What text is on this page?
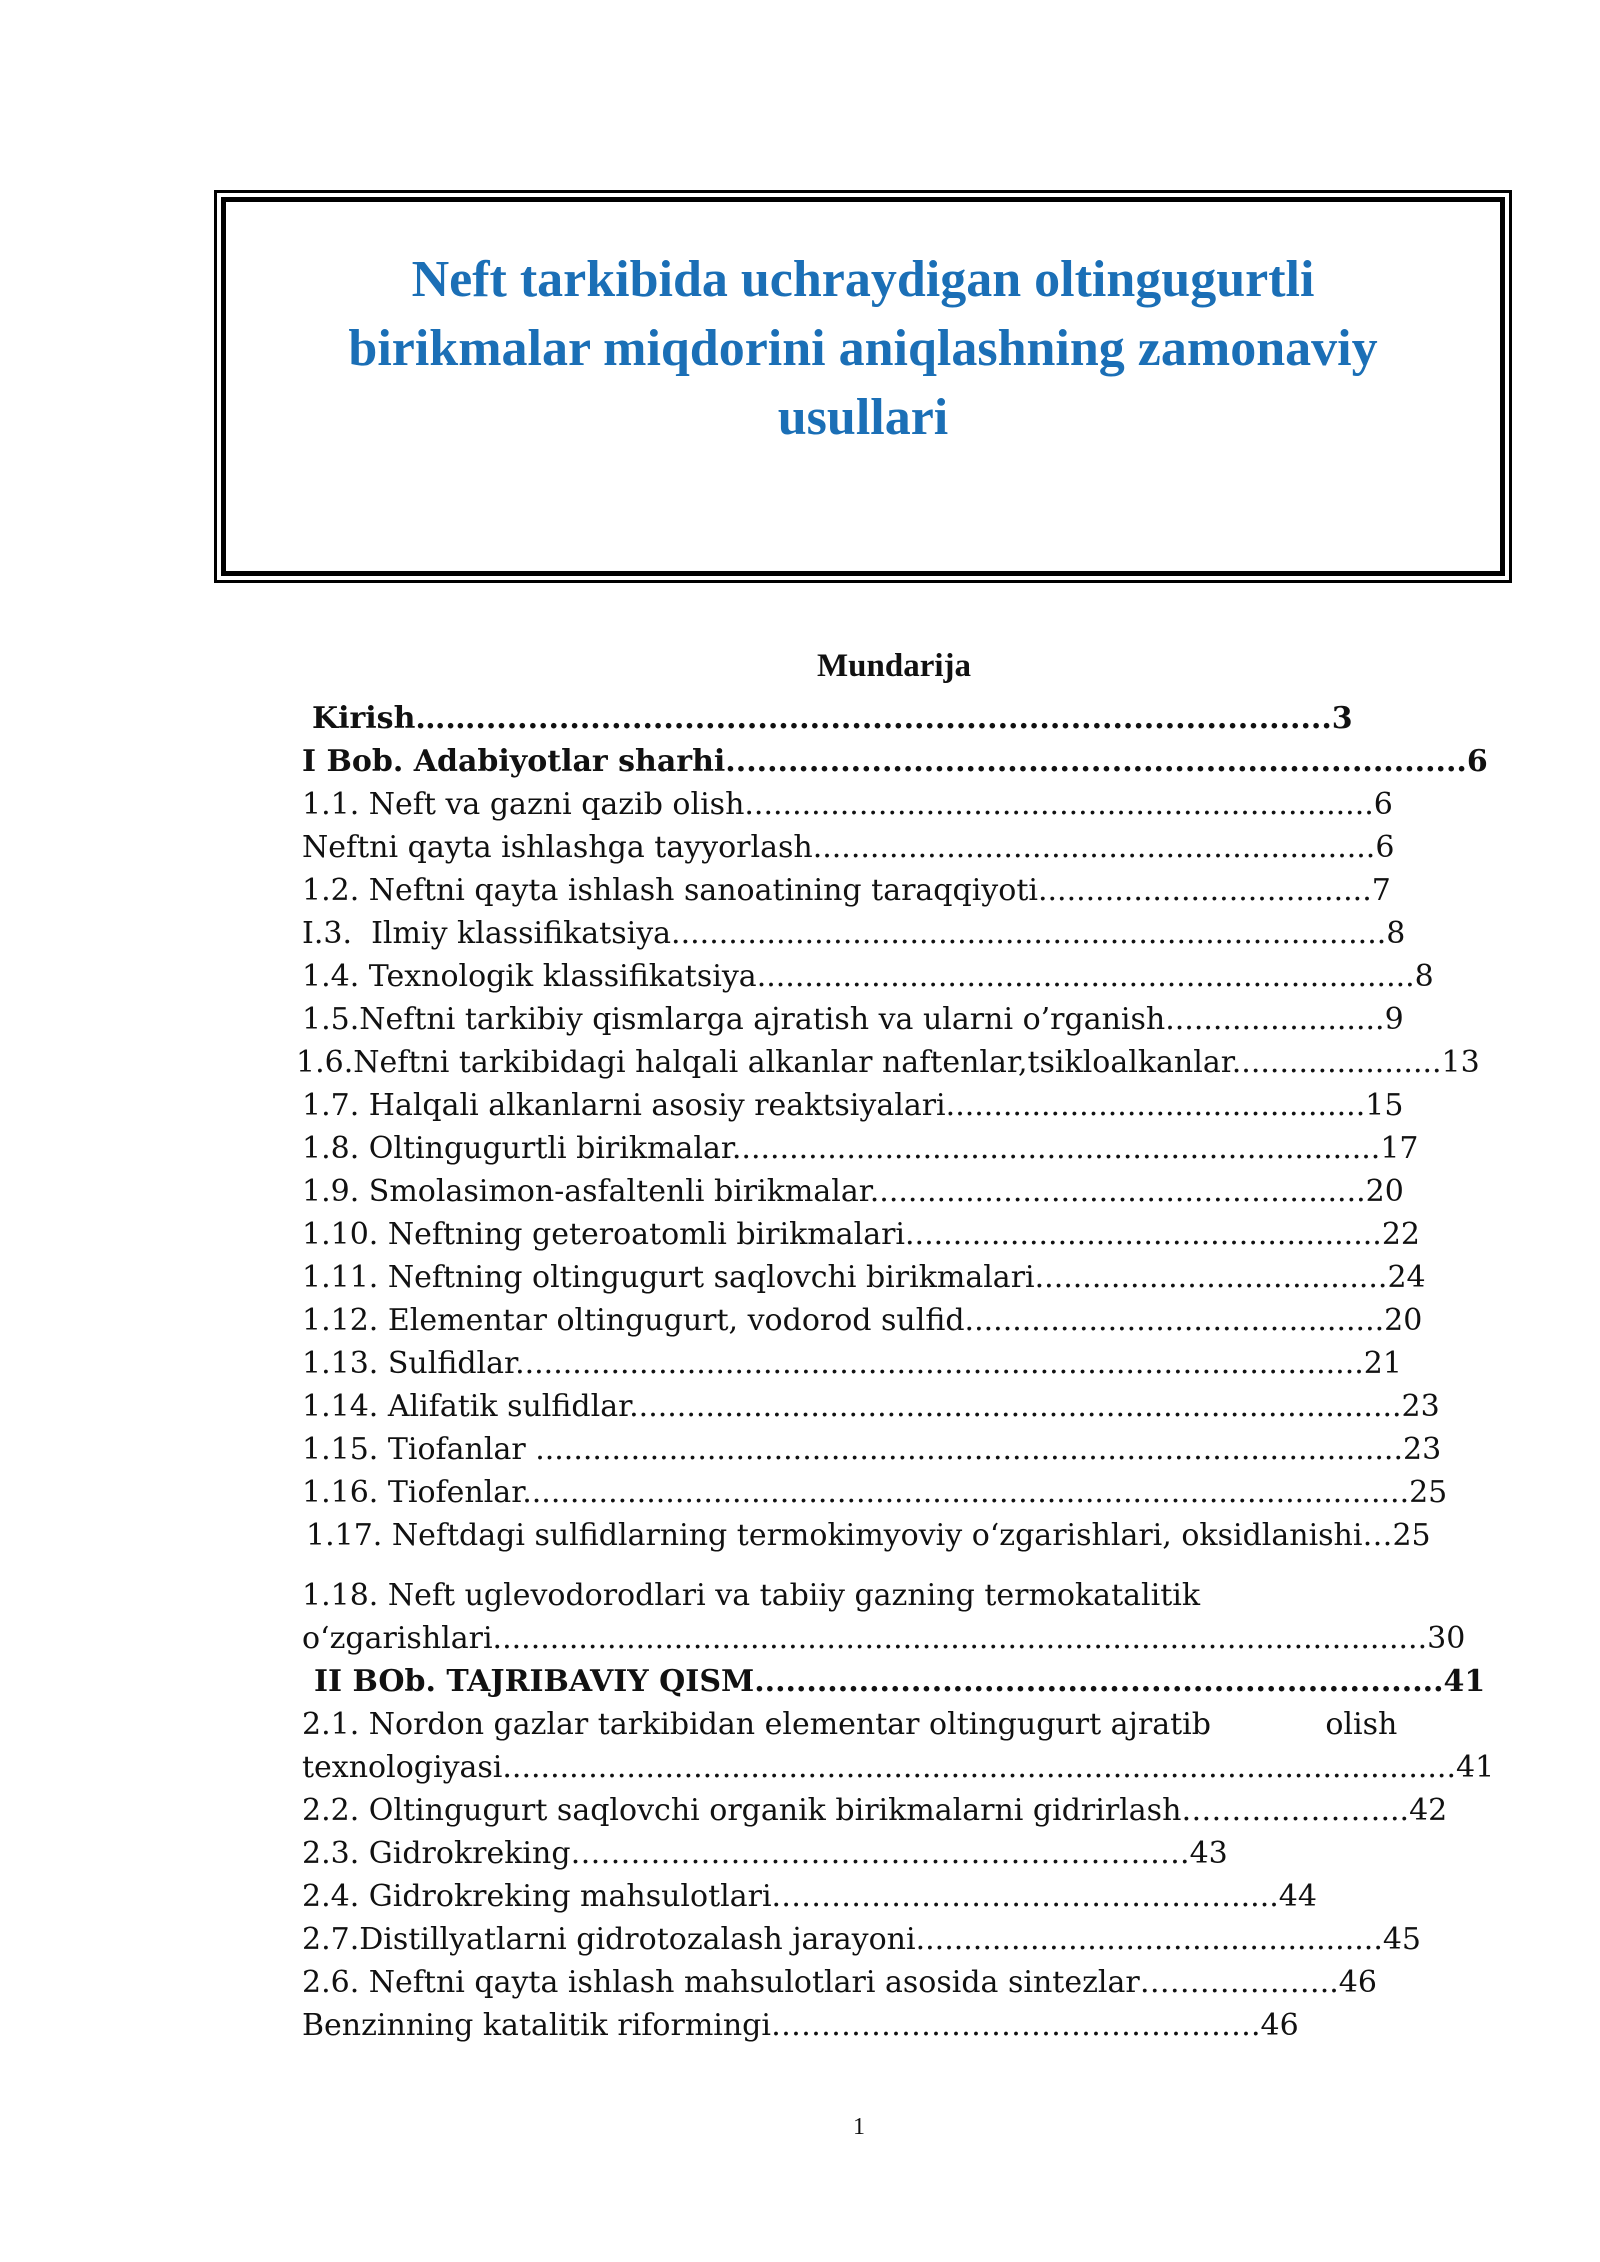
Neft tarkibida uchraydigan oltingugurtli
birikmalar miqdorini aniqlashning zamonaviy
usullari
Mundarija
Kirish……..................................................................................3
I Bob. Adabiyotlar sharhi.......................................................................6
1.1. Neft va gazni qazib olish..................................................................6
Neftni qayta ishlashga tayyorlash...........................................................6
1.2. Neftni qayta ishlash sanoatining taraqqiyoti...................................7
I.3.  Ilmiy klassifikatsiya...........................................................................8
1.4. Texnologik klassifikatsiya.....................................................................8
1.5.Neftni tarkibiy qismlarga ajratish va ularni o’rganish.......................9
1.6.Neftni tarkibidagi halqali alkanlar naftenlar,tsikloalkanlar......................13
1.7. Halqali alkanlarni asosiy reaktsiyalari............................................15
1.8. Oltingugurtli birikmalar....................................................................17
1.9. Smolasimon-asfaltenli birikmalar....................................................20
1.10. Neftning geteroatomli birikmalari..................................................22
1.11. Neftning oltingugurt saqlovchi birikmalari.....................................24
1.12. Elementar oltingugurt, vodorod sulfid............................................20
1.13. Sulfidlar.........................................................................................21
1.14. Alifatik sulfidlar.................................................................................23
1.15. Tiofanlar ...........................................................................................23
1.16. Tiofenlar.............................................................................................25
1.17. Neftdagi sulfidlarning termokimyoviy o‘zgarishlari, oksidlanishi…25
1.18. Neft uglevodorodlari va tabiiy gazning termokatalitik
o‘zgarishlari..................................................................................................30
II BOb. TAJRIBAVIY QISM..................................................................41
2.1. Nordon gazlar tarkibidan elementar oltingugurt ajratib            olish
texnologiyasi....................................................................................................41
2.2. Oltingugurt saqlovchi organik birikmalarni gidrirlash………..………...42
2.3. Gidrokreking………………………………………………….….43
2.4. Gidrokreking mahsulotlari.……………………………………….....44
2.7.Distillyatlarni gidrotozalash jarayoni.................................................45
2.6. Neftni qayta ishlash mahsulotlari asosida sintezlar………………..46
Benzinning katalitik riformingi………………………………………….46
1
